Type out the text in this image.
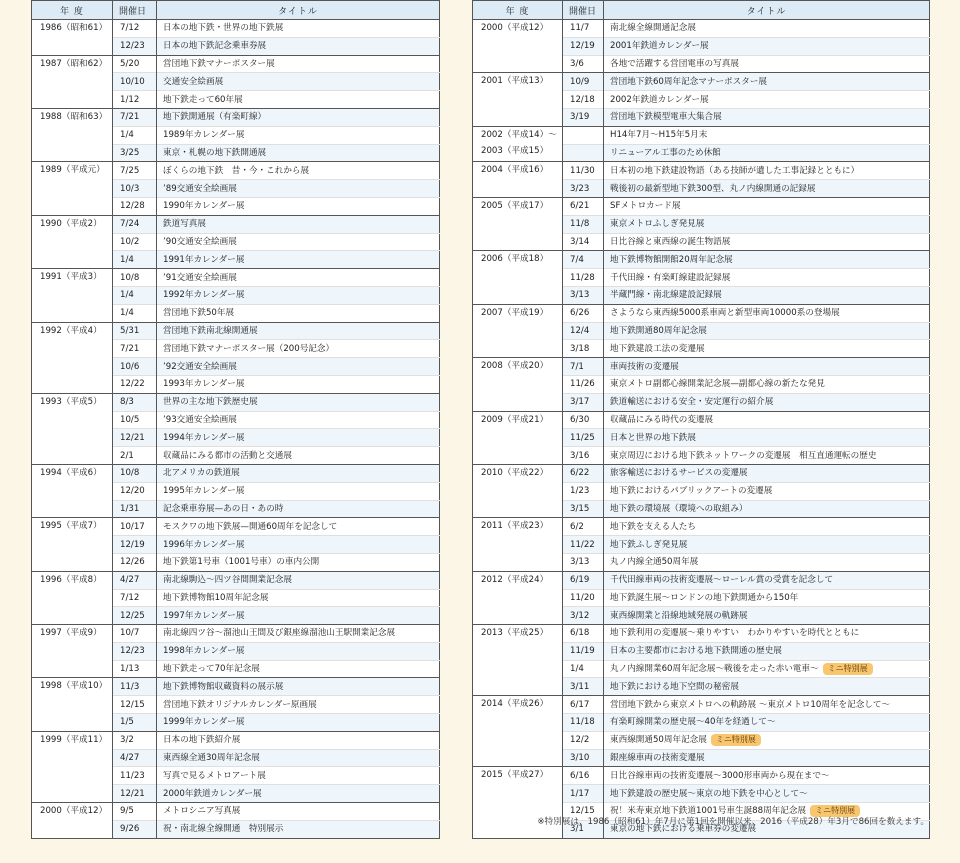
年 度	開催日	タイトル

1986（昭和61）	7/12	日本の地下鉄・世界の地下鉄展
	12/23	日本の地下鉄記念乗車券展

1987（昭和62）	5/20	営団地下鉄マナーポスター展
	10/10	交通安全絵画展
	1/12	地下鉄走って60年展

1988（昭和63）	7/21	地下鉄開通展（有楽町線）
	1/4	1989年カレンダー展
	3/25	東京・札幌の地下鉄開通展

1989（平成元）	7/25	ぼくらの地下鉄　昔・今・これから展
	10/3	’89交通安全絵画展
	12/28	1990年カレンダー展

1990（平成2）	7/24	鉄道写真展
	10/2	’90交通安全絵画展
	1/4	1991年カレンダー展

1991（平成3）	10/8	’91交通安全絵画展
	1/4	1992年カレンダー展
	1/4	営団地下鉄50年展

1992（平成4）	5/31	営団地下鉄南北線開通展
	7/21	営団地下鉄マナーポスター展（200号記念）
	10/6	’92交通安全絵画展
	12/22	1993年カレンダー展

1993（平成5）	8/3	世界の主な地下鉄歴史展
	10/5	’93交通安全絵画展
	12/21	1994年カレンダー展
	2/1	収蔵品にみる都市の活動と交通展

1994（平成6）	10/8	北アメリカの鉄道展
	12/20	1995年カレンダー展
	1/31	記念乗車券展—あの日・あの時

1995（平成7）	10/17	モスクワの地下鉄展—開通60周年を記念して
	12/19	1996年カレンダー展
	12/26	地下鉄第1号車（1001号車）の車内公開

1996（平成8）	4/27	南北線駒込〜四ツ谷間開業記念展
	7/12	地下鉄博物館10周年記念展
	12/25	1997年カレンダー展

1997（平成9）	10/7	南北線四ツ谷〜溜池山王間及び銀座線溜池山王駅開業記念展
	12/23	1998年カレンダー展
	1/13	地下鉄走って70年記念展

1998（平成10）	11/3	地下鉄博物館収蔵資料の展示展
	12/15	営団地下鉄オリジナルカレンダー原画展
	1/5	1999年カレンダー展

1999（平成11）	3/2	日本の地下鉄紹介展
	4/27	東西線全通30周年記念展
	11/23	写真で見るメトロアート展
	12/21	2000年鉄道カレンダー展

2000（平成12）	9/5	メトロシニア写真展
	9/26	祝・南北線全線開通　特別展示
年 度	開催日	タイトル

2000（平成12）	11/7	南北線全線開通記念展
	12/19	2001年鉄道カレンダー展
	3/6	各地で活躍する営団電車の写真展

2001（平成13）	10/9	営団地下鉄60周年記念マナーポスター展
	12/18	2002年鉄道カレンダー展
	3/19	営団地下鉄模型電車大集合展

2002（平成14）〜
2003（平成15）		H14年7月〜H15年5月末
		リニューアル工事のため休館

2004（平成16）	11/30	日本初の地下鉄建設物語（ある技師が遺した工事記録とともに）
	3/23	戦後初の最新型地下鉄300型、丸ノ内線開通の記録展

2005（平成17）	6/21	SFメトロカード展
	11/8	東京メトロふしぎ発見展
	3/14	日比谷線と東西線の誕生物語展

2006（平成18）	7/4	地下鉄博物館開館20周年記念展
	11/28	千代田線・有楽町線建設記録展
	3/13	半蔵門線・南北線建設記録展

2007（平成19）	6/26	さようなら東西線5000系車両と新型車両10000系の登場展
	12/4	地下鉄開通80周年記念展
	3/18	地下鉄建設工法の変遷展

2008（平成20）	7/1	車両技術の変遷展
	11/26	東京メトロ副都心線開業記念展—副都心線の新たな発見
	3/17	鉄道輸送における安全・安定運行の紹介展

2009（平成21）	6/30	収蔵品にみる時代の変遷展
	11/25	日本と世界の地下鉄展
	3/16	東京周辺における地下鉄ネットワークの変遷展　相互直通運転の歴史

2010（平成22）	6/22	旅客輸送におけるサービスの変遷展
	1/23	地下鉄におけるパブリックアートの変遷展
	3/15	地下鉄の環境展（環境への取組み）

2011（平成23）	6/2	地下鉄を支える人たち
	11/22	地下鉄ふしぎ発見展
	3/13	丸ノ内線全通50周年展

2012（平成24）	6/19	千代田線車両の技術変遷展〜ローレル賞の受賞を記念して
	11/20	地下鉄誕生展〜ロンドンの地下鉄開通から150年
	3/12	東西線開業と沿線地域発展の軌跡展

2013（平成25）	6/18	地下鉄利用の変遷展〜乗りやすい　わかりやすいを時代とともに
	11/19	日本の主要都市における地下鉄開通の歴史展
	1/4	丸ノ内線開業60周年記念展〜戦後を走った赤い電車〜 ミニ特別展
	3/11	地下鉄における地下空間の秘密展

2014（平成26）	6/17	営団地下鉄から東京メトロへの軌跡展 〜東京メトロ10周年を記念して〜
	11/18	有楽町線開業の歴史展〜40年を経過して〜
	12/2	東西線開通50周年記念展 ミニ特別展
	3/10	銀座線車両の技術変遷展

2015（平成27）	6/16	日比谷線車両の技術変遷展〜3000形車両から現在まで〜
	1/17	地下鉄建設の歴史展〜東京の地下鉄を中心として〜
	12/15	祝！米寿東京地下鉄道1001号車生誕88周年記念展 ミニ特別展
	3/1	東京の地下鉄における乗車券の変遷展
※特別展は、1986（昭和61）年7月に第1回を開催以来、2016（平成28）年3月で86回を数えます。
